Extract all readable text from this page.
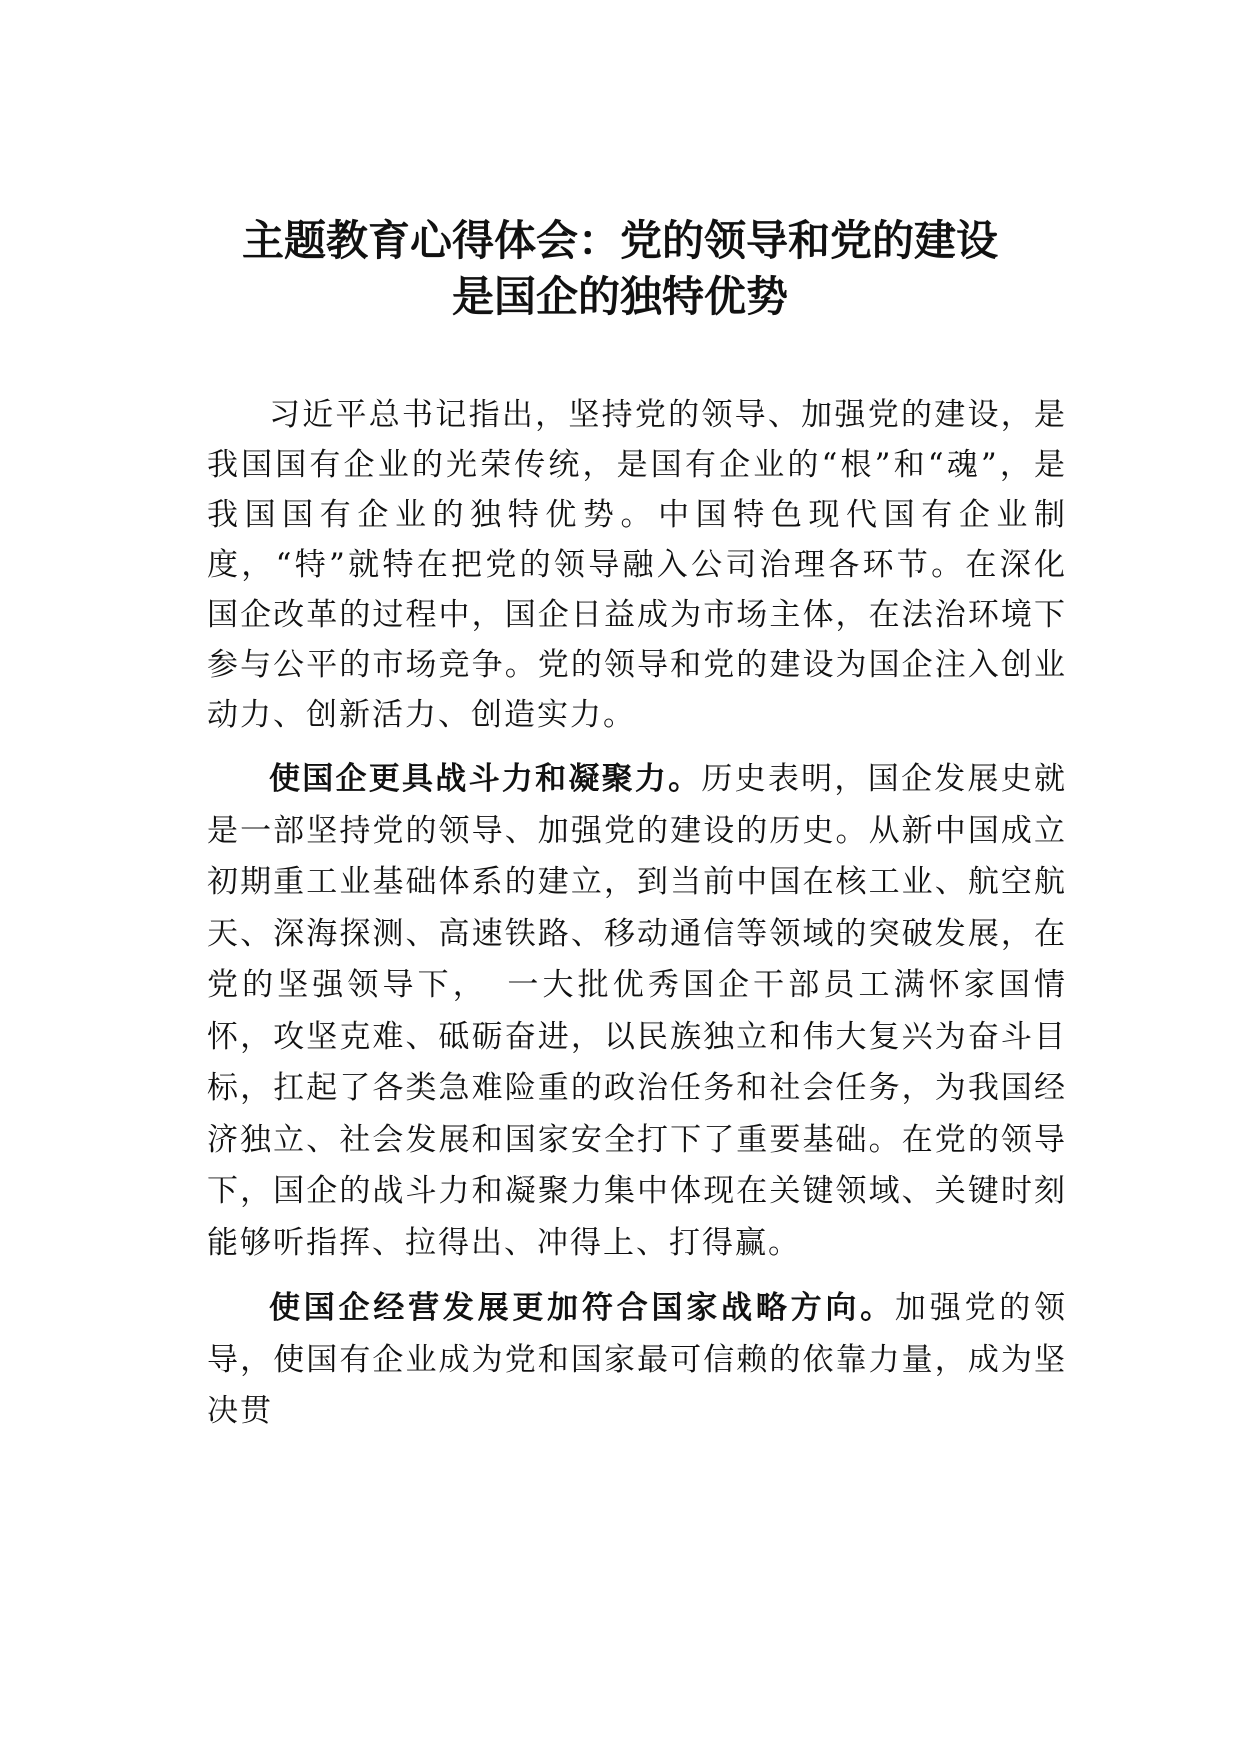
主题教育心得体会：党的领导和党的建设
是国企的独特优势

习近平总书记指出，坚持党的领导、加强党的建设，是我国国有企业的光荣传统，是国有企业的“根”和“魂”，是我国国有企业的独特优势。中国特色现代国有企业制度，“特”就特在把党的领导融入公司治理各环节。在深化国企改革的过程中，国企日益成为市场主体，在法治环境下参与公平的市场竞争。党的领导和党的建设为国企注入创业动力、创新活力、创造实力。

使国企更具战斗力和凝聚力。历史表明，国企发展史就是一部坚持党的领导、加强党的建设的历史。从新中国成立初期重工业基础体系的建立，到当前中国在核工业、航空航天、深海探测、高速铁路、移动通信等领域的突破发展，在党的坚强领导下，　一大批优秀国企干部员工满怀家国情怀，攻坚克难、砥砺奋进，以民族独立和伟大复兴为奋斗目标，扛起了各类急难险重的政治任务和社会任务，为我国经济独立、社会发展和国家安全打下了重要基础。在党的领导下，国企的战斗力和凝聚力集中体现在关键领域、关键时刻能够听指挥、拉得出、冲得上、打得赢。

使国企经营发展更加符合国家战略方向。加强党的领导，使国有企业成为党和国家最可信赖的依靠力量，成为坚决贯
